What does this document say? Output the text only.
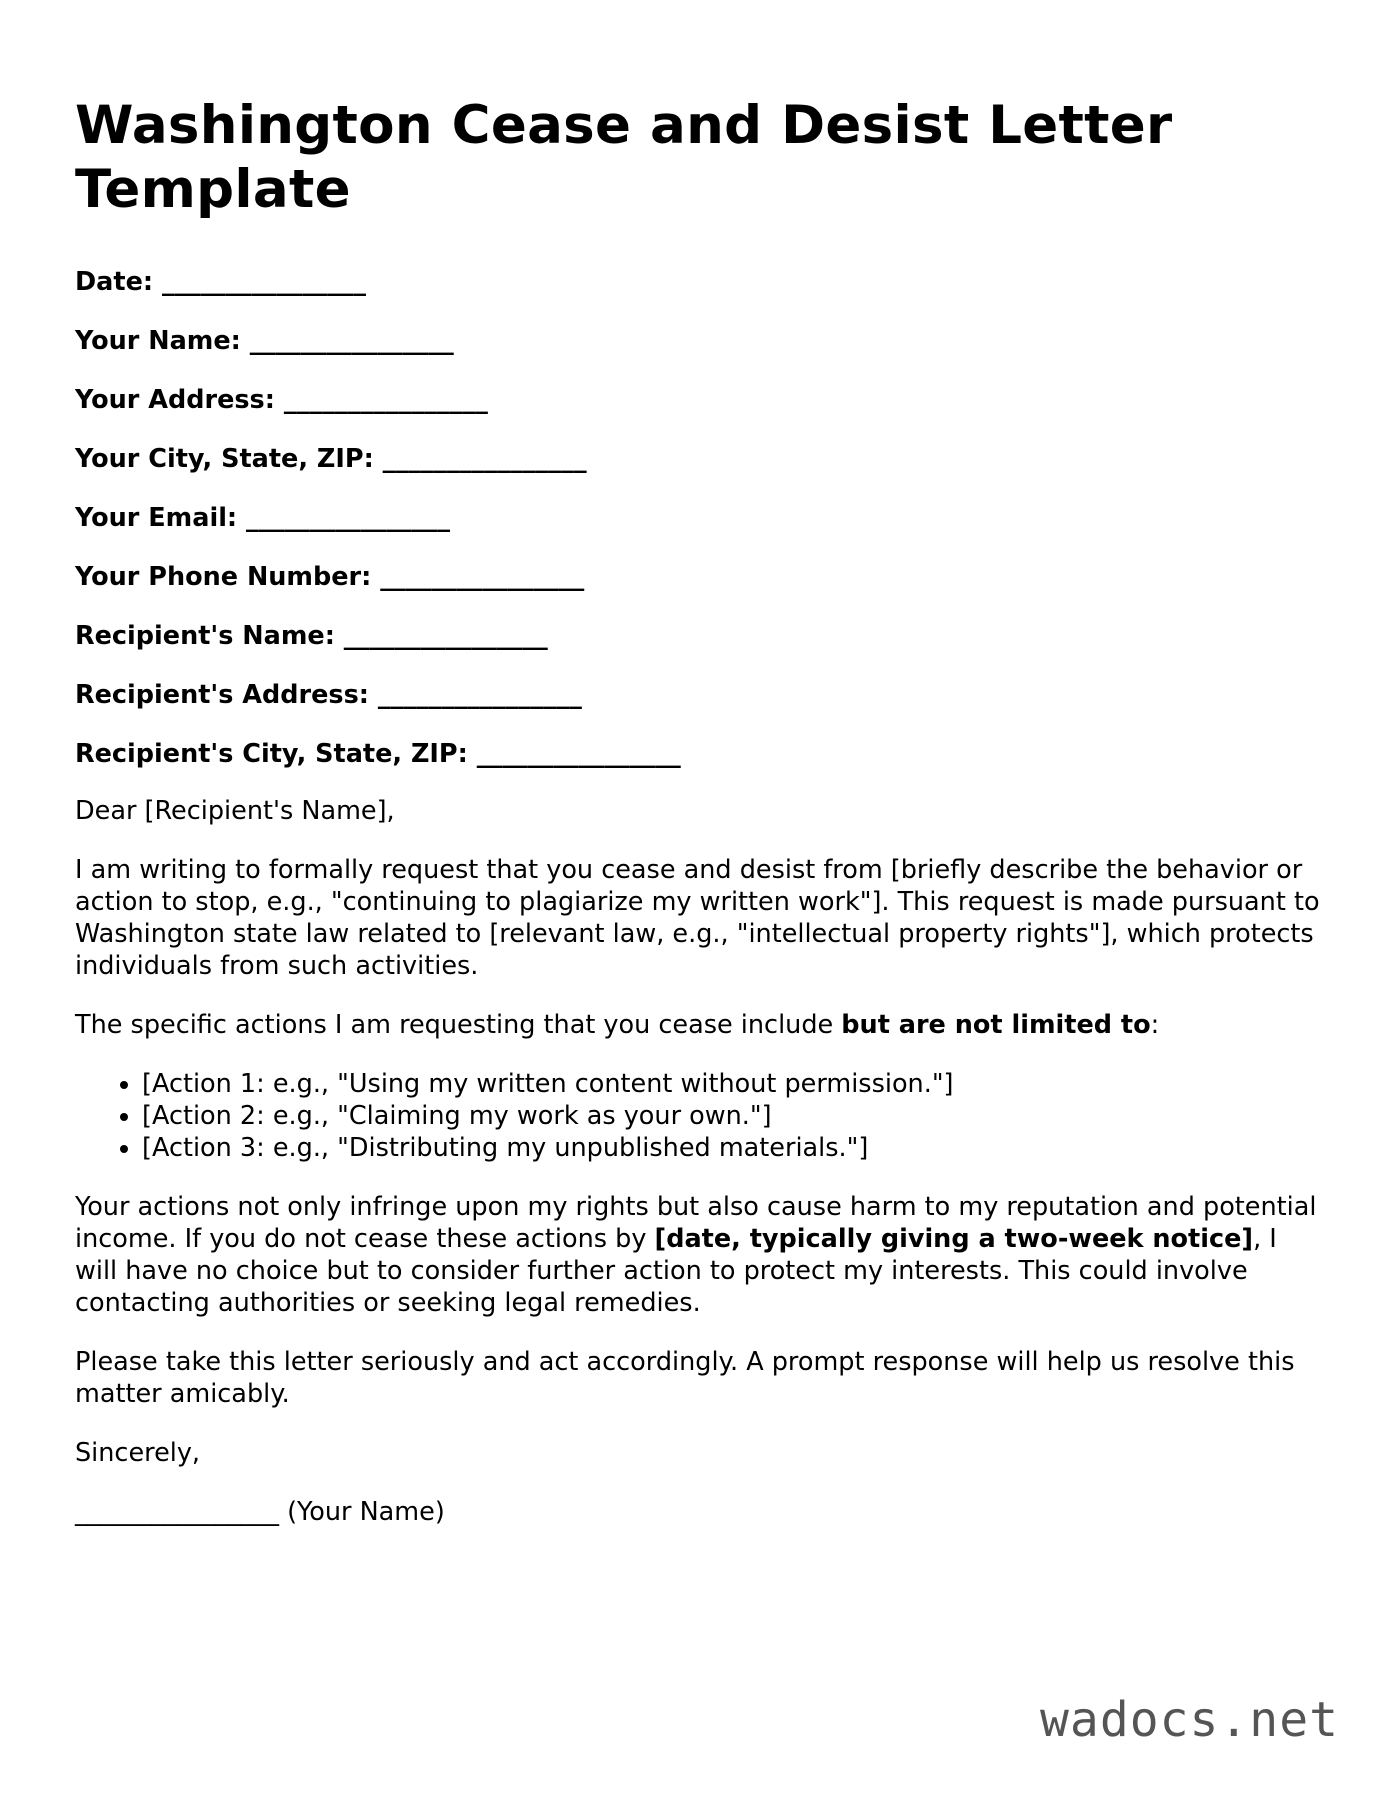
Washington Cease and Desist Letter Template
Date: ________________
Your Name: ________________
Your Address: ________________
Your City, State, ZIP: ________________
Your Email: ________________
Your Phone Number: ________________
Recipient's Name: ________________
Recipient's Address: ________________
Recipient's City, State, ZIP: ________________

Dear [Recipient's Name],

I am writing to formally request that you cease and desist from [briefly describe the behavior or action to stop, e.g., "continuing to plagiarize my written work"]. This request is made pursuant to Washington state law related to [relevant law, e.g., "intellectual property rights"], which protects individuals from such activities.

The specific actions I am requesting that you cease include but are not limited to:

• [Action 1: e.g., "Using my written content without permission."]
• [Action 2: e.g., "Claiming my work as your own."]
• [Action 3: e.g., "Distributing my unpublished materials."]

Your actions not only infringe upon my rights but also cause harm to my reputation and potential income. If you do not cease these actions by [date, typically giving a two-week notice], I will have no choice but to consider further action to protect my interests. This could involve contacting authorities or seeking legal remedies.

Please take this letter seriously and act accordingly. A prompt response will help us resolve this matter amicably.

Sincerely,

________________ (Your Name)

wadocs.net
